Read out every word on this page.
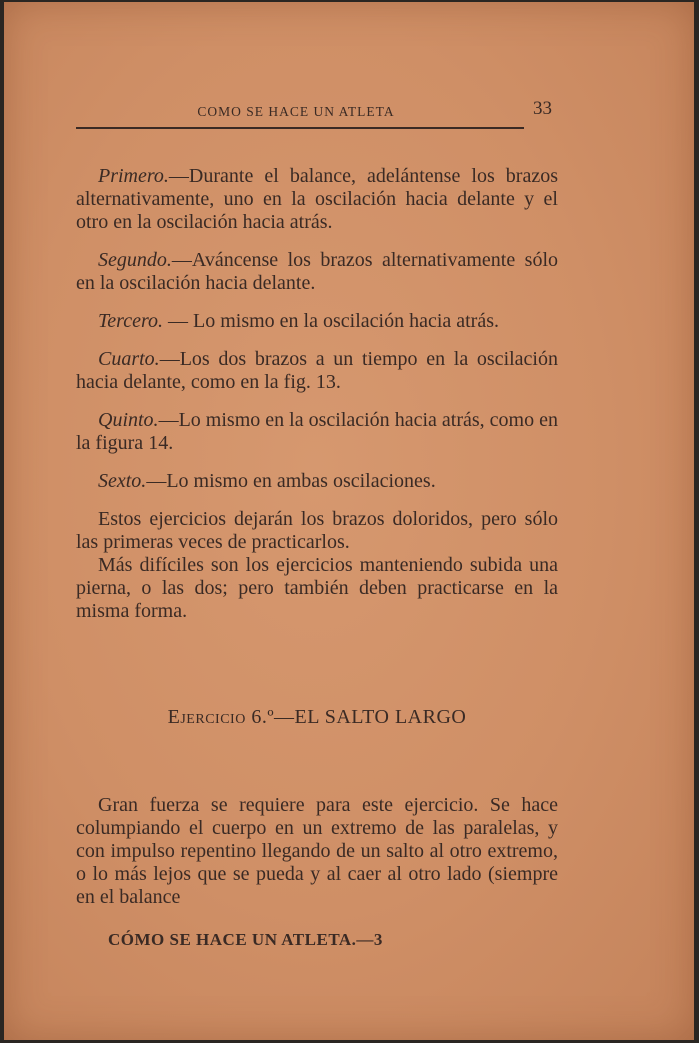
COMO SE HACE UN ATLETA	33

Primero.—Durante el balance, adelántense los brazos alternativamente, uno en la oscilación hacia delante y el otro en la oscilación hacia atrás.

Segundo.—Aváncense los brazos alternativamente sólo en la oscilación hacia delante.

Tercero. — Lo mismo en la oscilación hacia atrás.

Cuarto.—Los dos brazos a un tiempo en la oscilación hacia delante, como en la fig. 13.

Quinto.—Lo mismo en la oscilación hacia atrás, como en la figura 14.

Sexto.—Lo mismo en ambas oscilaciones.

Estos ejercicios dejarán los brazos doloridos, pero sólo las primeras veces de practicarlos.

Más difíciles son los ejercicios manteniendo subida una pierna, o las dos; pero también deben practicarse en la misma forma.

Ejercicio 6.º—EL SALTO LARGO

Gran fuerza se requiere para este ejercicio. Se hace columpiando el cuerpo en un extremo de las paralelas, y con impulso repentino llegando de un salto al otro extremo, o lo más lejos que se pueda y al caer al otro lado (siempre en el balance

CÓMO SE HACE UN ATLETA.—3
